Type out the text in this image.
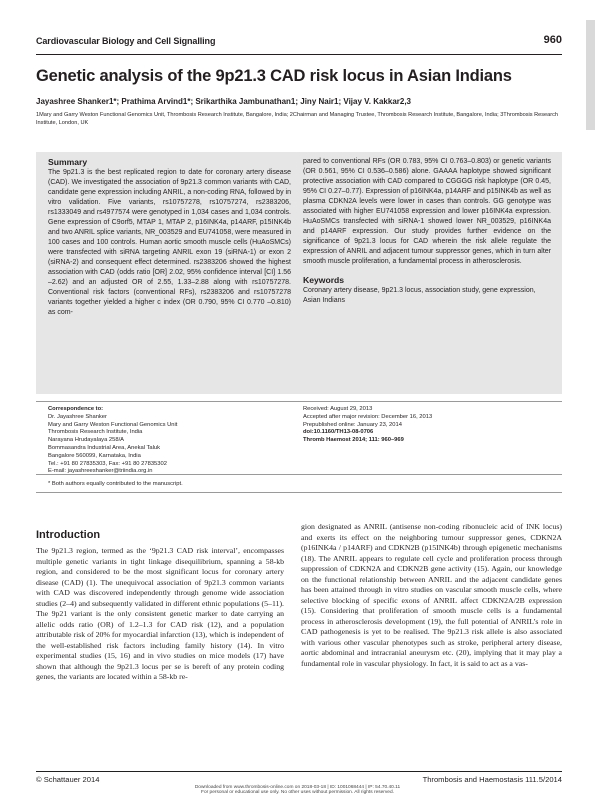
Cardiovascular Biology and Cell Signalling	960
Genetic analysis of the 9p21.3 CAD risk locus in Asian Indians
Jayashree Shanker1*; Prathima Arvind1*; Srikarthika Jambunathan1; Jiny Nair1; Vijay V. Kakkar2,3
1Mary and Garry Weston Functional Genomics Unit, Thrombosis Research Institute, Bangalore, India; 2Chairman and Managing Trustee, Thrombosis Research Institute, Bangalore, India; 3Thrombosis Research Institute, London, UK
Summary

The 9p21.3 is the best replicated region to date for coronary artery disease (CAD). We investigated the association of 9p21.3 common variants with CAD, candidate gene expression including ANRIL, a non-coding RNA, followed by in vitro validation. Five variants, rs10757278, rs10757274, rs2383206, rs1333049 and rs4977574 were genotyped in 1,034 cases and 1,034 controls. Gene expression of C9orf5, MTAP 1, MTAP 2, p16INK4a, p14ARF, p15INK4b and two ANRIL splice variants, NR_003529 and EU741058, were measured in 100 cases and 100 controls. Human aortic smooth muscle cells (HuAoSMCs) were transfected with siRNA targeting ANRIL exon 19 (siRNA-1) or exon 2 (siRNA-2) and consequent effect determined. rs2383206 showed the highest association with CAD (odds ratio [OR] 2.02, 95% confidence interval [CI] 1.56 –2.62) and an adjusted OR of 2.55, 1.33–2.88 along with rs10757278. Conventional risk factors (conventional RFs), rs2383206 and rs10757278 variants together yielded a higher c index (OR 0.790, 95% CI 0.770 –0.810) as com-

pared to conventional RFs (OR 0.783, 95% CI 0.763–0.803) or genetic variants (OR 0.561, 95% CI 0.536–0.586) alone. GAAAA haplotype showed significant protective association with CAD compared to CGGGG risk haplotype (OR 0.45, 95% CI 0.27–0.77). Expression of p16INK4a, p14ARF and p15INK4b as well as plasma CDKN2A levels were lower in cases than controls. GG genotype was associated with higher EU741058 expression and lower p16INK4a expression. HuAoSMCs transfected with siRNA-1 showed lower NR_003529, p16INK4a and p14ARF expression. Our study provides further evidence on the significance of 9p21.3 locus for CAD wherein the risk allele regulate the expression of ANRIL and adjacent tumour suppressor genes, which in turn alter smooth muscle proliferation, a fundamental process in atherosclerosis.

Keywords

Coronary artery disease, 9p21.3 locus, association study, gene expression, Asian Indians

Correspondence to:
Dr. Jayashree Shanker
Mary and Garry Weston Functional Genomics Unit
Thrombosis Research Institute, India
Narayana Hrudayalaya 258/A
Bommasandra Industrial Area, Anekal Taluk
Bangalore 560099, Karnataka, India
Tel.: +91 80 27835303, Fax: +91 80 27835302
E-mail: jayashreeshanker@triindia.org.in
Received: August 29, 2013
Accepted after major revision: December 16, 2013
Prepublished online: January 23, 2014
doi:10.1160/TH13-08-0706
Thromb Haemost 2014; 111: 960–969
* Both authors equally contributed to the manuscript.
Introduction
The 9p21.3 region, termed as the ‘9p21.3 CAD risk interval’, encompasses multiple genetic variants in tight linkage disequilibrium, spanning a 58-kb region, and considered to be the most significant locus for coronary artery disease (CAD) (1). The unequivocal association of 9p21.3 common variants with CAD was discovered independently through genome wide association studies (2–4) and subsequently validated in different ethnic populations (5–11). The 9p21 variant is the only consistent genetic marker to date carrying an allelic odds ratio (OR) of 1.2–1.3 for CAD risk (12), and a population attributable risk of 20% for myocardial infarction (13), which is independent of the well-established risk factors including family history (14). In vitro experimental studies (15, 16) and in vivo studies on mice models (17) have shown that although the 9p21.3 locus per se is bereft of any protein coding genes, the variants are located within a 58-kb re-
gion designated as ANRIL (antisense non-coding ribonucleic acid of INK locus) and exerts its effect on the neighboring tumour suppressor genes, CDKN2A (p16INK4a / p14ARF) and CDKN2B (p15INK4b) through epigenetic mechanisms (18). The ANRIL appears to regulate cell cycle and proliferation process through suppression of CDKN2A and CDKN2B gene activity (15). Again, our knowledge on the functional relationship between ANRIL and the adjacent candidate genes has been attained through in vitro studies on vascular smooth muscle cells, where selective blocking of specific exons of ANRIL affect CDKN2A/2B expression (15). Considering that proliferation of smooth muscle cells is a fundamental process in atherosclerosis development (19), the full potential of ANRIL’s role in CAD pathogenesis is yet to be realised. The 9p21.3 risk allele is also associated with various other vascular phenotypes such as stroke, peripheral artery disease, aortic abdominal and intracranial aneurysm etc. (20), implying that it may play a fundamental role in vascular physiology. In fact, it is said to act as a vas-
© Schattauer 2014	Thrombosis and Haemostasis 111.5/2014
Downloaded from www.thrombosis-online.com on 2018-03-18 | ID: 1001068444 | IP: 54.70.40.11
For personal or educational use only. No other uses without permission. All rights reserved.
